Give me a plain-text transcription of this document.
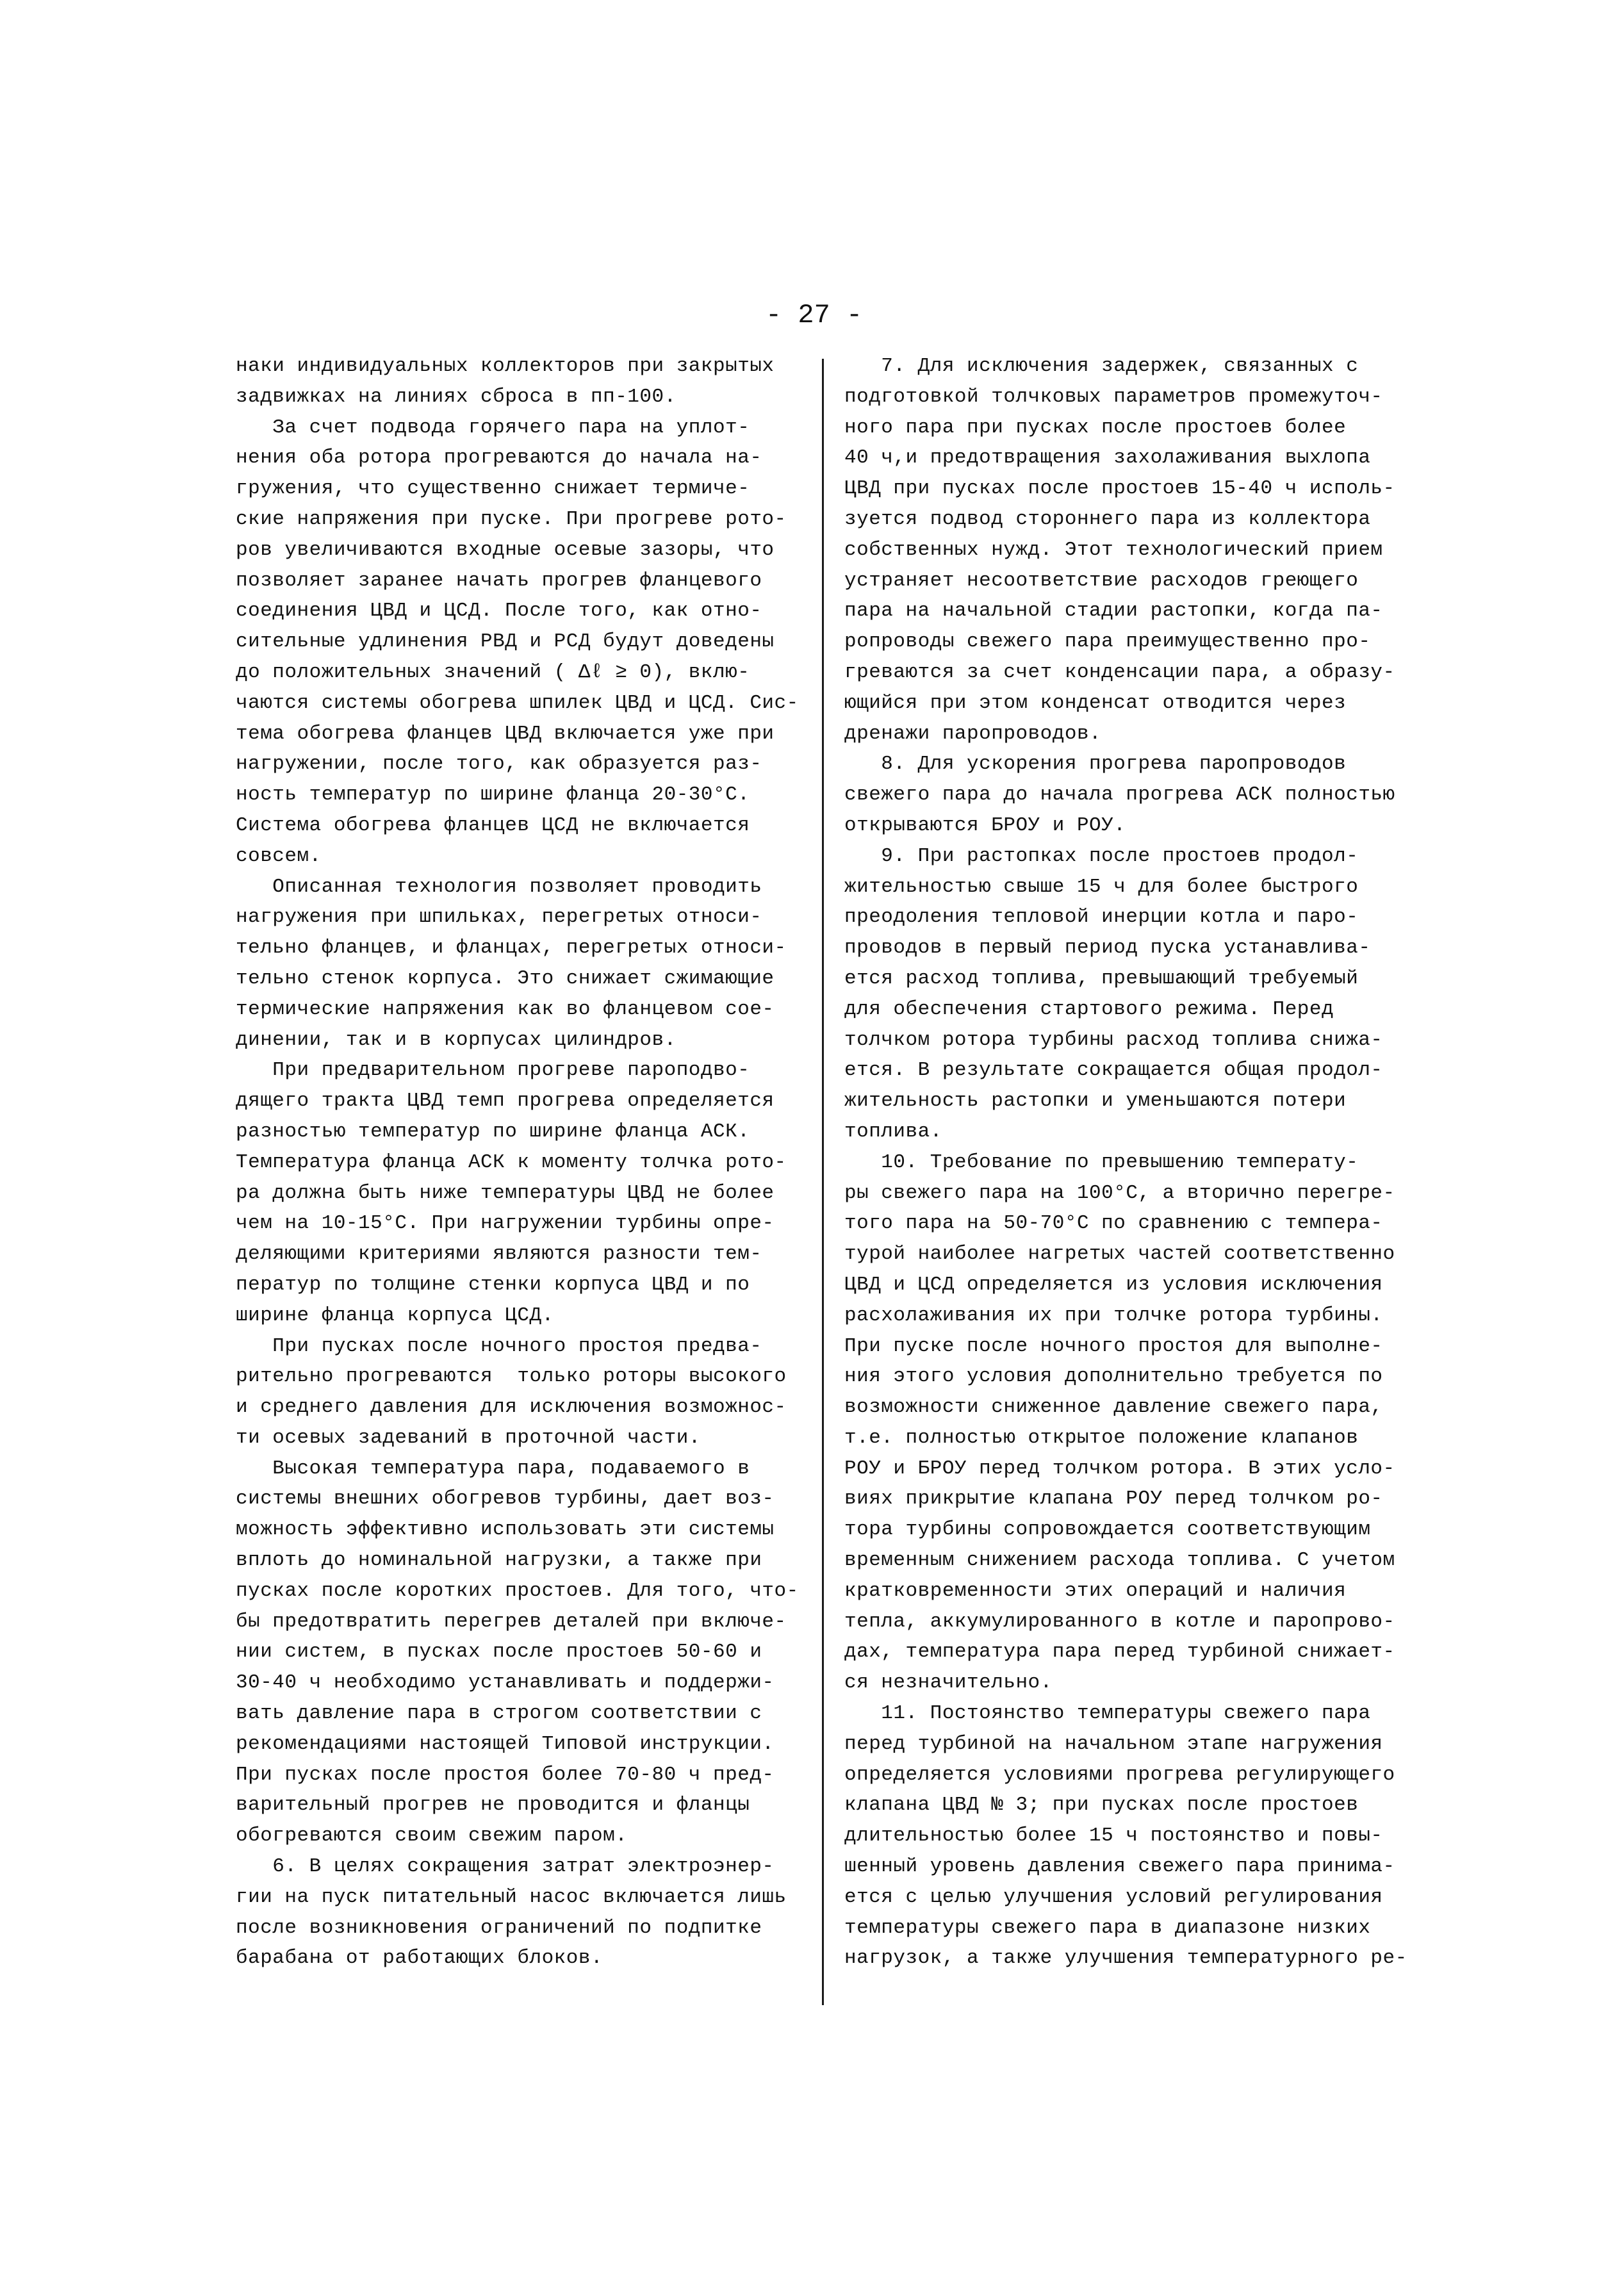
- 27 -
наки индивидуальных коллекторов при закрытых
задвижках на линиях сброса в пп-100.
За счет подвода горячего пара на уплот-
нения оба ротора прогреваются до начала на-
гружения, что существенно снижает термиче-
ские напряжения при пуске. При прогреве рото-
ров увеличиваются входные осевые зазоры, что
позволяет заранее начать прогрев фланцевого
соединения ЦВД и ЦСД. После того, как отно-
сительные удлинения РВД и РСД будут доведены
до положительных значений ( Δℓ ≥ 0), вклю-
чаются системы обогрева шпилек ЦВД и ЦСД. Сис-
тема обогрева фланцев ЦВД включается уже при
нагружении, после того, как образуется раз-
ность температур по ширине фланца 20-30°С.
Система обогрева фланцев ЦСД не включается
совсем.
Описанная технология позволяет проводить
нагружения при шпильках, перегретых относи-
тельно фланцев, и фланцах, перегретых относи-
тельно стенок корпуса. Это снижает сжимающие
термические напряжения как во фланцевом сое-
динении, так и в корпусах цилиндров.
При предварительном прогреве пароподво-
дящего тракта ЦВД темп прогрева определяется
разностью температур по ширине фланца АСК.
Температура фланца АСК к моменту толчка рото-
ра должна быть ниже температуры ЦВД не более
чем на 10-15°С. При нагружении турбины опре-
деляющими критериями являются разности тем-
ператур по толщине стенки корпуса ЦВД и по
ширине фланца корпуса ЦСД.
При пусках после ночного простоя предва-
рительно прогреваются  только роторы высокого
и среднего давления для исключения возможнос-
ти осевых задеваний в проточной части.
Высокая температура пара, подаваемого в
системы внешних обогревов турбины, дает воз-
можность эффективно использовать эти системы
вплоть до номинальной нагрузки, а также при
пусках после коротких простоев. Для того, что-
бы предотвратить перегрев деталей при включе-
нии систем, в пусках после простоев 50-60 и
30-40 ч необходимо устанавливать и поддержи-
вать давление пара в строгом соответствии с
рекомендациями настоящей Типовой инструкции.
При пусках после простоя более 70-80 ч пред-
варительный прогрев не проводится и фланцы
обогреваются своим свежим паром.
6. В целях сокращения затрат электроэнер-
гии на пуск питательный насос включается лишь
после возникновения ограничений по подпитке
барабана от работающих блоков.
7. Для исключения задержек, связанных с
подготовкой толчковых параметров промежуточ-
ного пара при пусках после простоев более
40 ч,и предотвращения захолаживания выхлопа
ЦВД при пусках после простоев 15-40 ч исполь-
зуется подвод стороннего пара из коллектора
собственных нужд. Этот технологический прием
устраняет несоответствие расходов греющего
пара на начальной стадии растопки, когда па-
ропроводы свежего пара преимущественно про-
греваются за счет конденсации пара, а образу-
ющийся при этом конденсат отводится через
дренажи паропроводов.
8. Для ускорения прогрева паропроводов
свежего пара до начала прогрева АСК полностью
открываются БРОУ и РОУ.
9. При растопках после простоев продол-
жительностью свыше 15 ч для более быстрого
преодоления тепловой инерции котла и паро-
проводов в первый период пуска устанавлива-
ется расход топлива, превышающий требуемый
для обеспечения стартового режима. Перед
толчком ротора турбины расход топлива снижа-
ется. В результате сокращается общая продол-
жительность растопки и уменьшаются потери
топлива.
10. Требование по превышению температу-
ры свежего пара на 100°С, а вторично перегре-
того пара на 50-70°С по сравнению с темпера-
турой наиболее нагретых частей соответственно
ЦВД и ЦСД определяется из условия исключения
расхолаживания их при толчке ротора турбины.
При пуске после ночного простоя для выполне-
ния этого условия дополнительно требуется по
возможности сниженное давление свежего пара,
т.е. полностью открытое положение клапанов
РОУ и БРОУ перед толчком ротора. В этих усло-
виях прикрытие клапана РОУ перед толчком ро-
тора турбины сопровождается соответствующим
временным снижением расхода топлива. С учетом
кратковременности этих операций и наличия
тепла, аккумулированного в котле и паропрово-
дах, температура пара перед турбиной снижает-
ся незначительно.
11. Постоянство температуры свежего пара
перед турбиной на начальном этапе нагружения
определяется условиями прогрева регулирующего
клапана ЦВД № 3; при пусках после простоев
длительностью более 15 ч постоянство и повы-
шенный уровень давления свежего пара принима-
ется с целью улучшения условий регулирования
температуры свежего пара в диапазоне низких
нагрузок, а также улучшения температурного ре-
